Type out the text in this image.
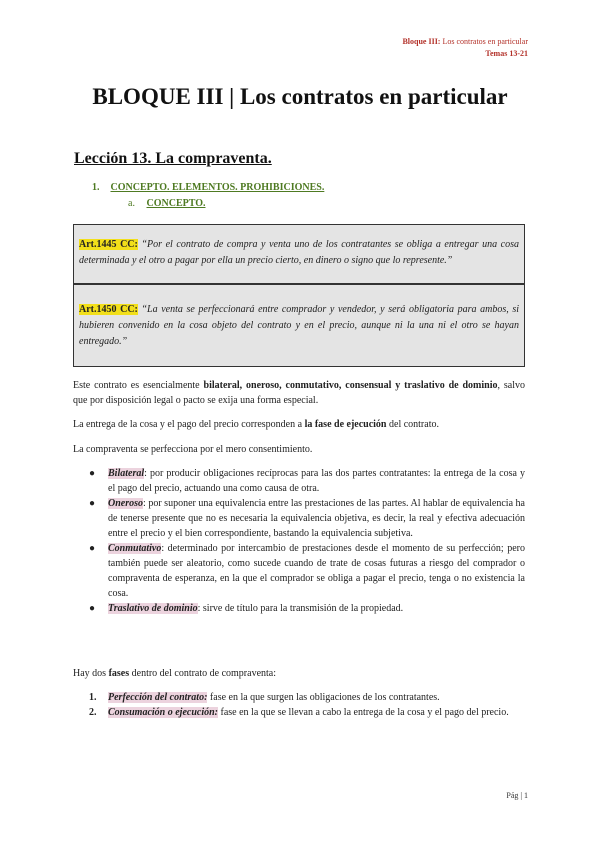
Bloque III: Los contratos en particular
Temas 13-21
BLOQUE III | Los contratos en particular
Lección 13. La compraventa.
1. CONCEPTO. ELEMENTOS. PROHIBICIONES.
a. CONCEPTO.

Art.1445 CC: “Por el contrato de compra y venta uno de los contratantes se obliga a entregar una cosa determinada y el otro a pagar por ella un precio cierto, en dinero o signo que lo represente.”

Art.1450 CC: “La venta se perfeccionará entre comprador y vendedor, y será obligatoria para ambos, si hubieren convenido en la cosa objeto del contrato y en el precio, aunque ni la una ni el otro se hayan entregado.”

Este contrato es esencialmente bilateral, oneroso, conmutativo, consensual y traslativo de dominio, salvo que por disposición legal o pacto se exija una forma especial.

La entrega de la cosa y el pago del precio corresponden a la fase de ejecución del contrato.

La compraventa se perfecciona por el mero consentimiento.

● Bilateral: por producir obligaciones recíprocas para las dos partes contratantes: la entrega de la cosa y el pago del precio, actuando una como causa de otra.
● Oneroso: por suponer una equivalencia entre las prestaciones de las partes. Al hablar de equivalencia ha de tenerse presente que no es necesaria la equivalencia objetiva, es decir, la real y efectiva adecuación entre el precio y el bien correspondiente, bastando la equivalencia subjetiva.
● Conmutativo: determinado por intercambio de prestaciones desde el momento de su perfección; pero también puede ser aleatorio, como sucede cuando de trate de cosas futuras a riesgo del comprador o compraventa de esperanza, en la que el comprador se obliga a pagar el precio, tenga o no existencia la cosa.
● Traslativo de dominio: sirve de título para la transmisión de la propiedad.

Hay dos fases dentro del contrato de compraventa:

1. Perfección del contrato: fase en la que surgen las obligaciones de los contratantes.
2. Consumación o ejecución: fase en la que se llevan a cabo la entrega de la cosa y el pago del precio.
Pág | 1
